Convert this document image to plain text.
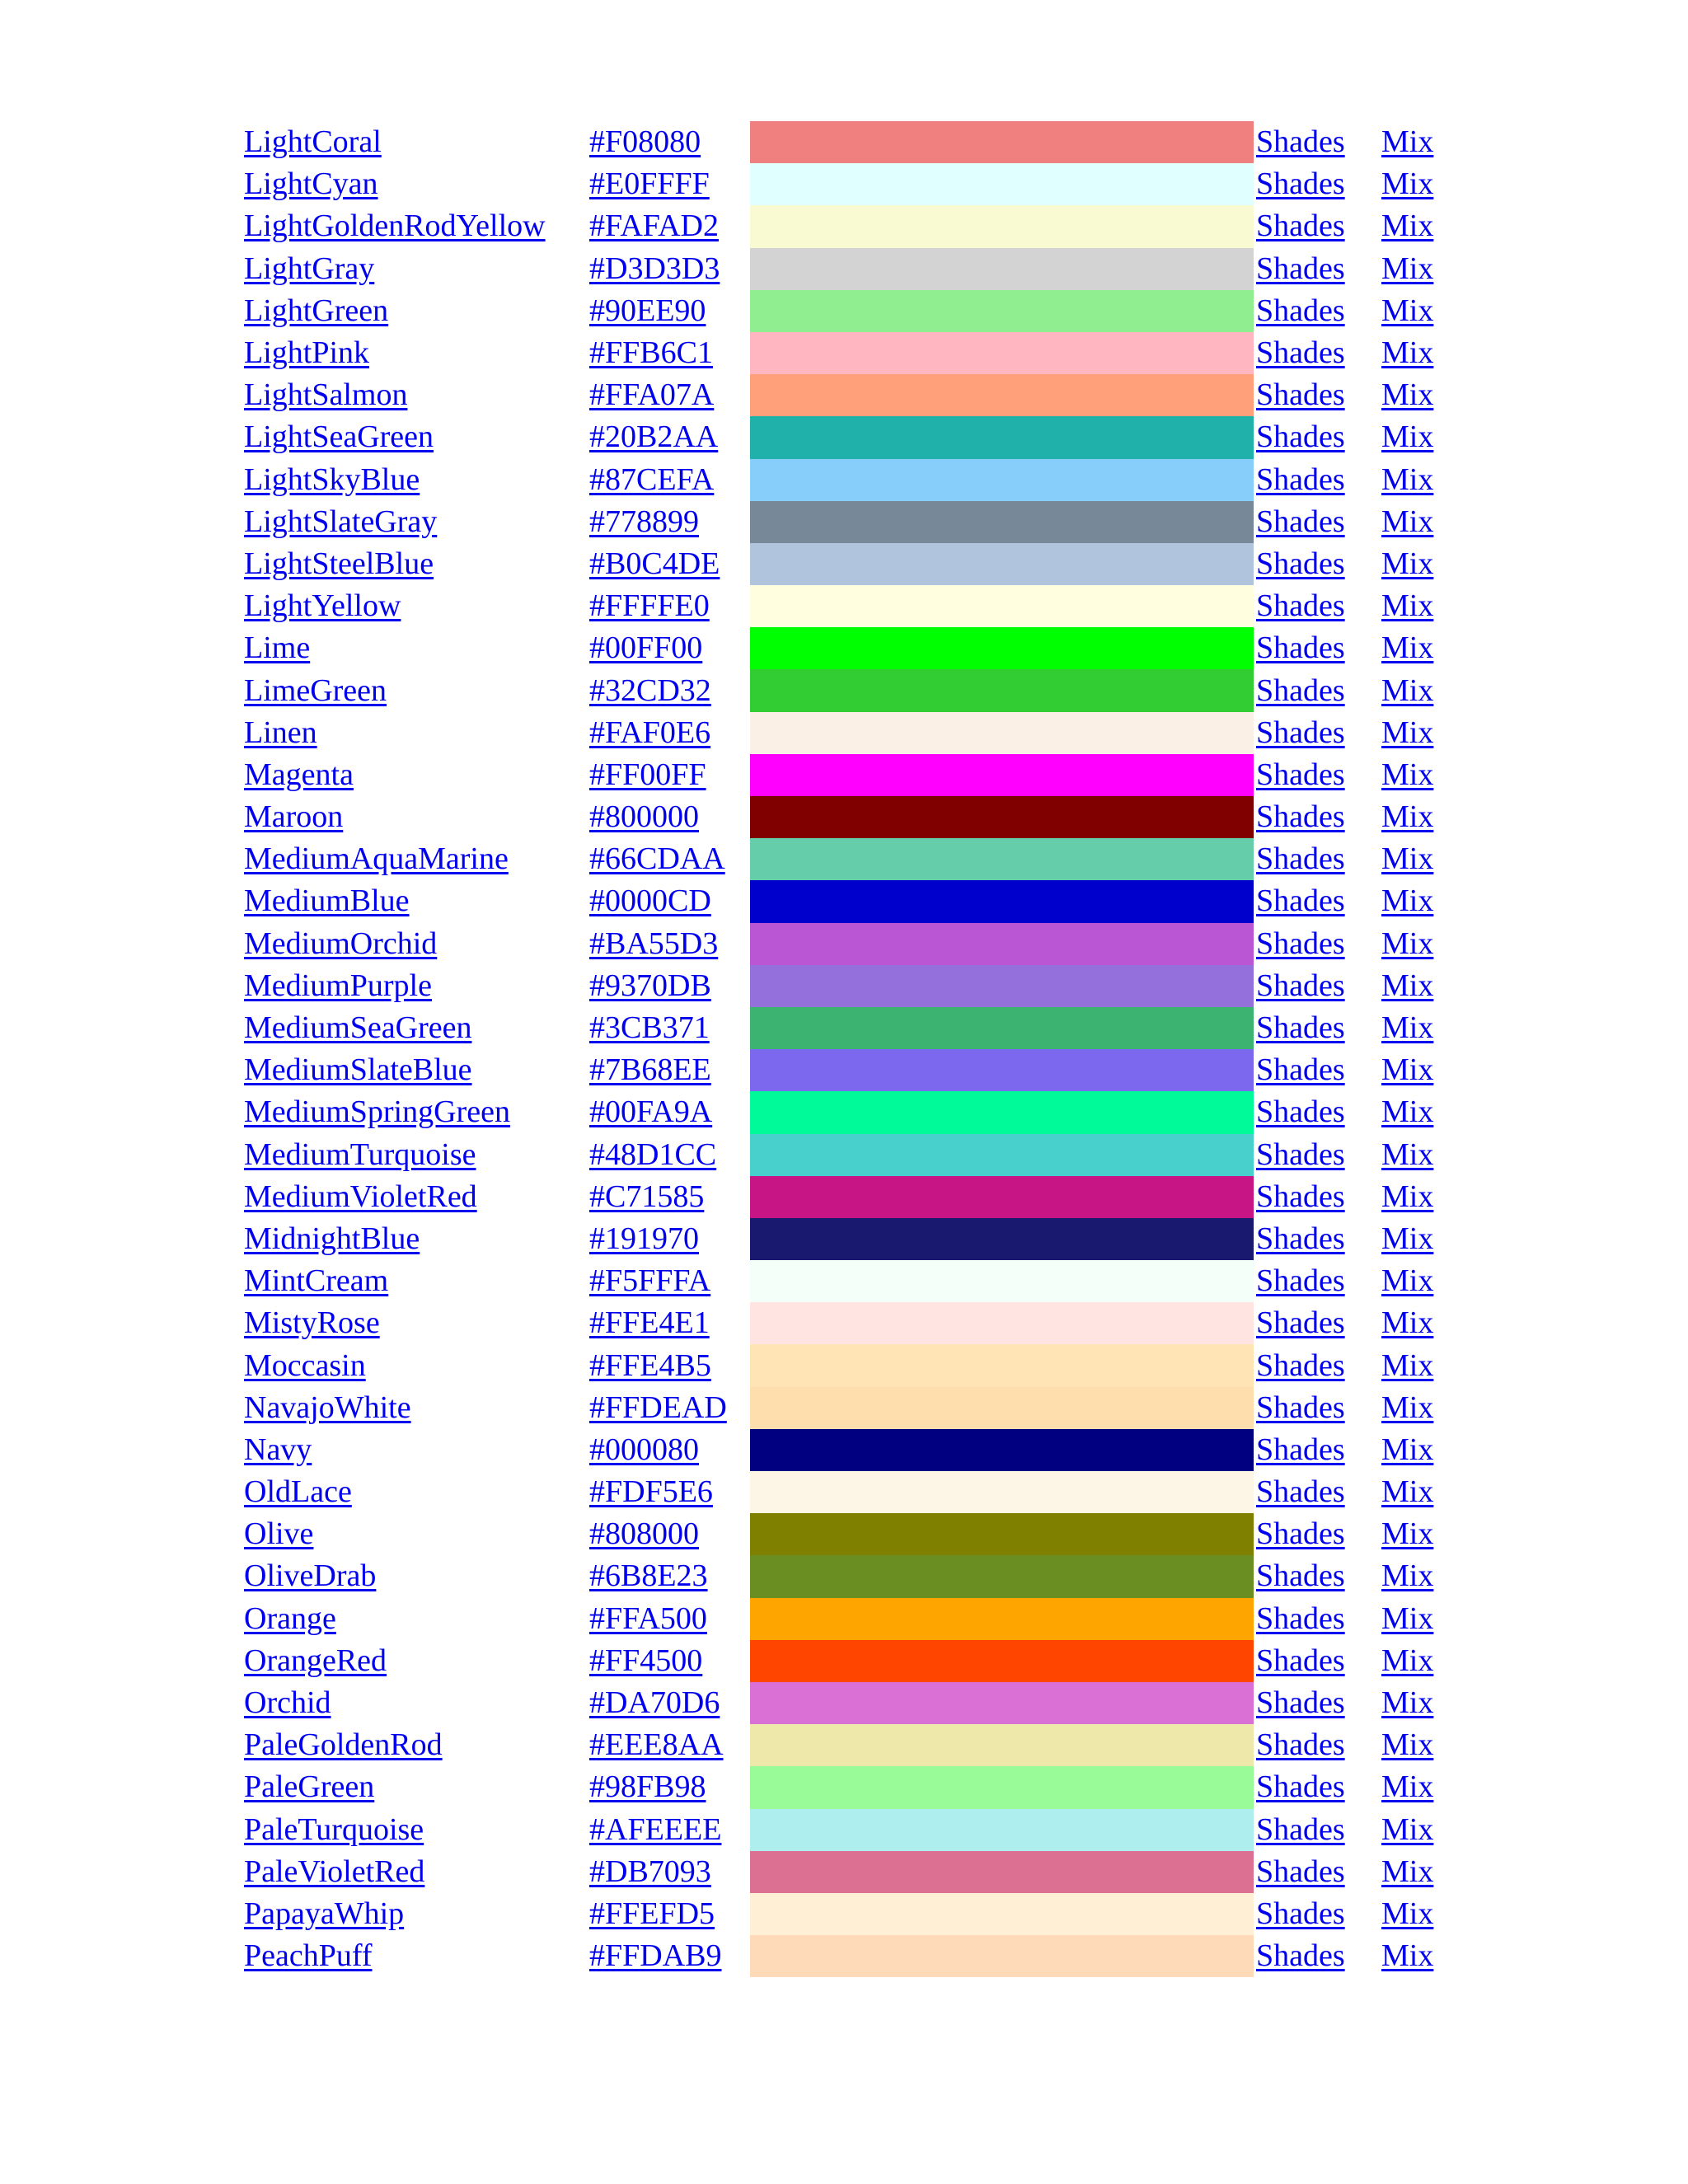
LightCoral	#F08080		Shades	Mix
LightCyan	#E0FFFF		Shades	Mix
LightGoldenRodYellow	#FAFAD2		Shades	Mix
LightGray	#D3D3D3		Shades	Mix
LightGreen	#90EE90		Shades	Mix
LightPink	#FFB6C1		Shades	Mix
LightSalmon	#FFA07A		Shades	Mix
LightSeaGreen	#20B2AA		Shades	Mix
LightSkyBlue	#87CEFA		Shades	Mix
LightSlateGray	#778899		Shades	Mix
LightSteelBlue	#B0C4DE		Shades	Mix
LightYellow	#FFFFE0		Shades	Mix
Lime	#00FF00		Shades	Mix
LimeGreen	#32CD32		Shades	Mix
Linen	#FAF0E6		Shades	Mix
Magenta	#FF00FF		Shades	Mix
Maroon	#800000		Shades	Mix
MediumAquaMarine	#66CDAA		Shades	Mix
MediumBlue	#0000CD		Shades	Mix
MediumOrchid	#BA55D3		Shades	Mix
MediumPurple	#9370DB		Shades	Mix
MediumSeaGreen	#3CB371		Shades	Mix
MediumSlateBlue	#7B68EE		Shades	Mix
MediumSpringGreen	#00FA9A		Shades	Mix
MediumTurquoise	#48D1CC		Shades	Mix
MediumVioletRed	#C71585		Shades	Mix
MidnightBlue	#191970		Shades	Mix
MintCream	#F5FFFA		Shades	Mix
MistyRose	#FFE4E1		Shades	Mix
Moccasin	#FFE4B5		Shades	Mix
NavajoWhite	#FFDEAD		Shades	Mix
Navy	#000080		Shades	Mix
OldLace	#FDF5E6		Shades	Mix
Olive	#808000		Shades	Mix
OliveDrab	#6B8E23		Shades	Mix
Orange	#FFA500		Shades	Mix
OrangeRed	#FF4500		Shades	Mix
Orchid	#DA70D6		Shades	Mix
PaleGoldenRod	#EEE8AA		Shades	Mix
PaleGreen	#98FB98		Shades	Mix
PaleTurquoise	#AFEEEE		Shades	Mix
PaleVioletRed	#DB7093		Shades	Mix
PapayaWhip	#FFEFD5		Shades	Mix
PeachPuff	#FFDAB9		Shades	Mix
